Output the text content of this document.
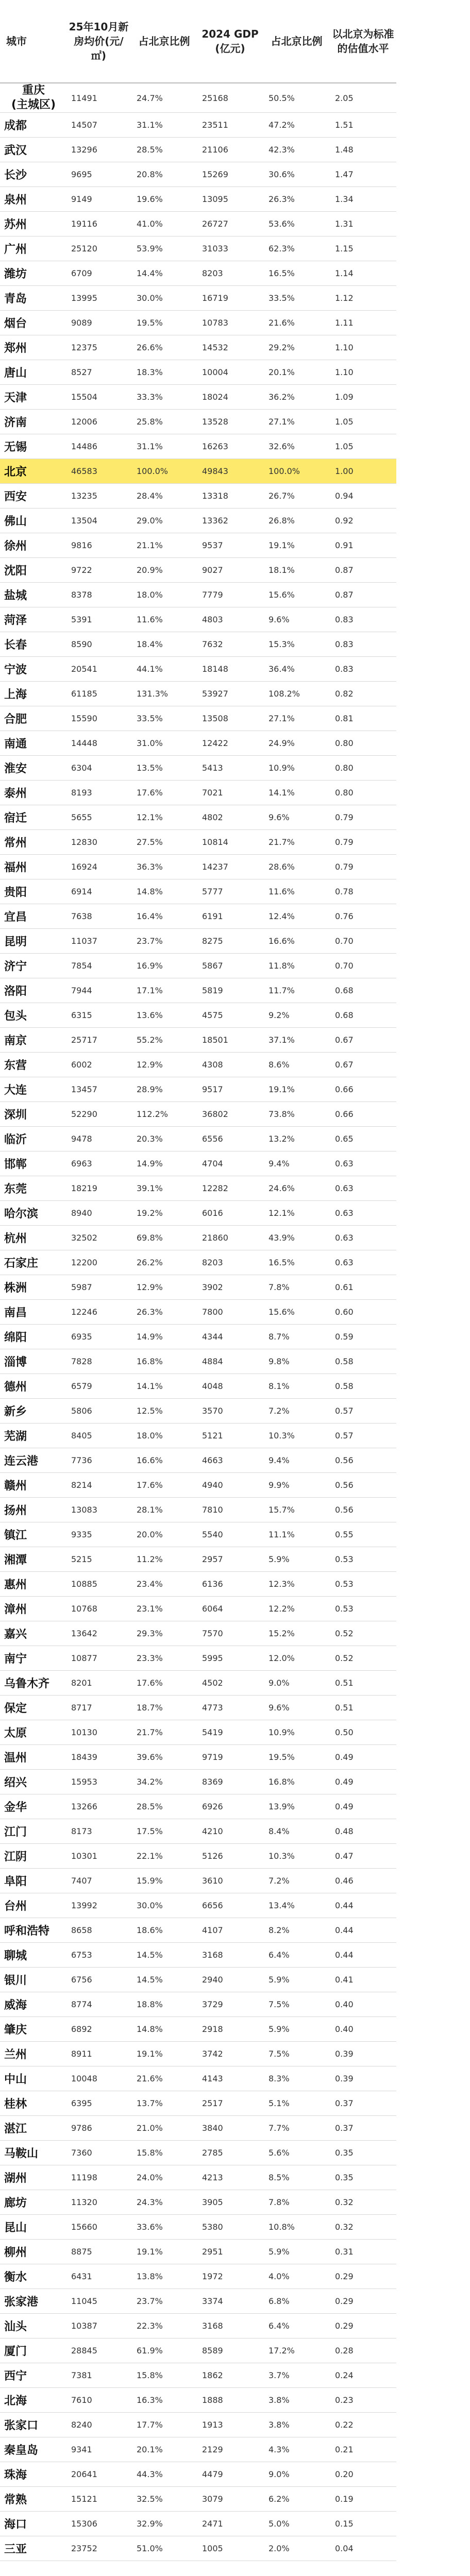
城市	25年10月新房均价(元/㎡)	占北京比例	2024 GDP (亿元)	占北京比例	以北京为标准的估值水平
重庆
(主城区)	11491	24.7%	25168	50.5%	2.05
成都	14507	31.1%	23511	47.2%	1.51
武汉	13296	28.5%	21106	42.3%	1.48
长沙	9695	20.8%	15269	30.6%	1.47
泉州	9149	19.6%	13095	26.3%	1.34
苏州	19116	41.0%	26727	53.6%	1.31
广州	25120	53.9%	31033	62.3%	1.15
潍坊	6709	14.4%	8203	16.5%	1.14
青岛	13995	30.0%	16719	33.5%	1.12
烟台	9089	19.5%	10783	21.6%	1.11
郑州	12375	26.6%	14532	29.2%	1.10
唐山	8527	18.3%	10004	20.1%	1.10
天津	15504	33.3%	18024	36.2%	1.09
济南	12006	25.8%	13528	27.1%	1.05
无锡	14486	31.1%	16263	32.6%	1.05
北京	46583	100.0%	49843	100.0%	1.00
西安	13235	28.4%	13318	26.7%	0.94
佛山	13504	29.0%	13362	26.8%	0.92
徐州	9816	21.1%	9537	19.1%	0.91
沈阳	9722	20.9%	9027	18.1%	0.87
盐城	8378	18.0%	7779	15.6%	0.87
菏泽	5391	11.6%	4803	9.6%	0.83
长春	8590	18.4%	7632	15.3%	0.83
宁波	20541	44.1%	18148	36.4%	0.83
上海	61185	131.3%	53927	108.2%	0.82
合肥	15590	33.5%	13508	27.1%	0.81
南通	14448	31.0%	12422	24.9%	0.80
淮安	6304	13.5%	5413	10.9%	0.80
泰州	8193	17.6%	7021	14.1%	0.80
宿迁	5655	12.1%	4802	9.6%	0.79
常州	12830	27.5%	10814	21.7%	0.79
福州	16924	36.3%	14237	28.6%	0.79
贵阳	6914	14.8%	5777	11.6%	0.78
宜昌	7638	16.4%	6191	12.4%	0.76
昆明	11037	23.7%	8275	16.6%	0.70
济宁	7854	16.9%	5867	11.8%	0.70
洛阳	7944	17.1%	5819	11.7%	0.68
包头	6315	13.6%	4575	9.2%	0.68
南京	25717	55.2%	18501	37.1%	0.67
东营	6002	12.9%	4308	8.6%	0.67
大连	13457	28.9%	9517	19.1%	0.66
深圳	52290	112.2%	36802	73.8%	0.66
临沂	9478	20.3%	6556	13.2%	0.65
邯郸	6963	14.9%	4704	9.4%	0.63
东莞	18219	39.1%	12282	24.6%	0.63
哈尔滨	8940	19.2%	6016	12.1%	0.63
杭州	32502	69.8%	21860	43.9%	0.63
石家庄	12200	26.2%	8203	16.5%	0.63
株洲	5987	12.9%	3902	7.8%	0.61
南昌	12246	26.3%	7800	15.6%	0.60
绵阳	6935	14.9%	4344	8.7%	0.59
淄博	7828	16.8%	4884	9.8%	0.58
德州	6579	14.1%	4048	8.1%	0.58
新乡	5806	12.5%	3570	7.2%	0.57
芜湖	8405	18.0%	5121	10.3%	0.57
连云港	7736	16.6%	4663	9.4%	0.56
赣州	8214	17.6%	4940	9.9%	0.56
扬州	13083	28.1%	7810	15.7%	0.56
镇江	9335	20.0%	5540	11.1%	0.55
湘潭	5215	11.2%	2957	5.9%	0.53
惠州	10885	23.4%	6136	12.3%	0.53
漳州	10768	23.1%	6064	12.2%	0.53
嘉兴	13642	29.3%	7570	15.2%	0.52
南宁	10877	23.3%	5995	12.0%	0.52
乌鲁木齐	8201	17.6%	4502	9.0%	0.51
保定	8717	18.7%	4773	9.6%	0.51
太原	10130	21.7%	5419	10.9%	0.50
温州	18439	39.6%	9719	19.5%	0.49
绍兴	15953	34.2%	8369	16.8%	0.49
金华	13266	28.5%	6926	13.9%	0.49
江门	8173	17.5%	4210	8.4%	0.48
江阴	10301	22.1%	5126	10.3%	0.47
阜阳	7407	15.9%	3610	7.2%	0.46
台州	13992	30.0%	6656	13.4%	0.44
呼和浩特	8658	18.6%	4107	8.2%	0.44
聊城	6753	14.5%	3168	6.4%	0.44
银川	6756	14.5%	2940	5.9%	0.41
威海	8774	18.8%	3729	7.5%	0.40
肇庆	6892	14.8%	2918	5.9%	0.40
兰州	8911	19.1%	3742	7.5%	0.39
中山	10048	21.6%	4143	8.3%	0.39
桂林	6395	13.7%	2517	5.1%	0.37
湛江	9786	21.0%	3840	7.7%	0.37
马鞍山	7360	15.8%	2785	5.6%	0.35
湖州	11198	24.0%	4213	8.5%	0.35
廊坊	11320	24.3%	3905	7.8%	0.32
昆山	15660	33.6%	5380	10.8%	0.32
柳州	8875	19.1%	2951	5.9%	0.31
衡水	6431	13.8%	1972	4.0%	0.29
张家港	11045	23.7%	3374	6.8%	0.29
汕头	10387	22.3%	3168	6.4%	0.29
厦门	28845	61.9%	8589	17.2%	0.28
西宁	7381	15.8%	1862	3.7%	0.24
北海	7610	16.3%	1888	3.8%	0.23
张家口	8240	17.7%	1913	3.8%	0.22
秦皇岛	9341	20.1%	2129	4.3%	0.21
珠海	20641	44.3%	4479	9.0%	0.20
常熟	15121	32.5%	3079	6.2%	0.19
海口	15306	32.9%	2471	5.0%	0.15
三亚	23752	51.0%	1005	2.0%	0.04
